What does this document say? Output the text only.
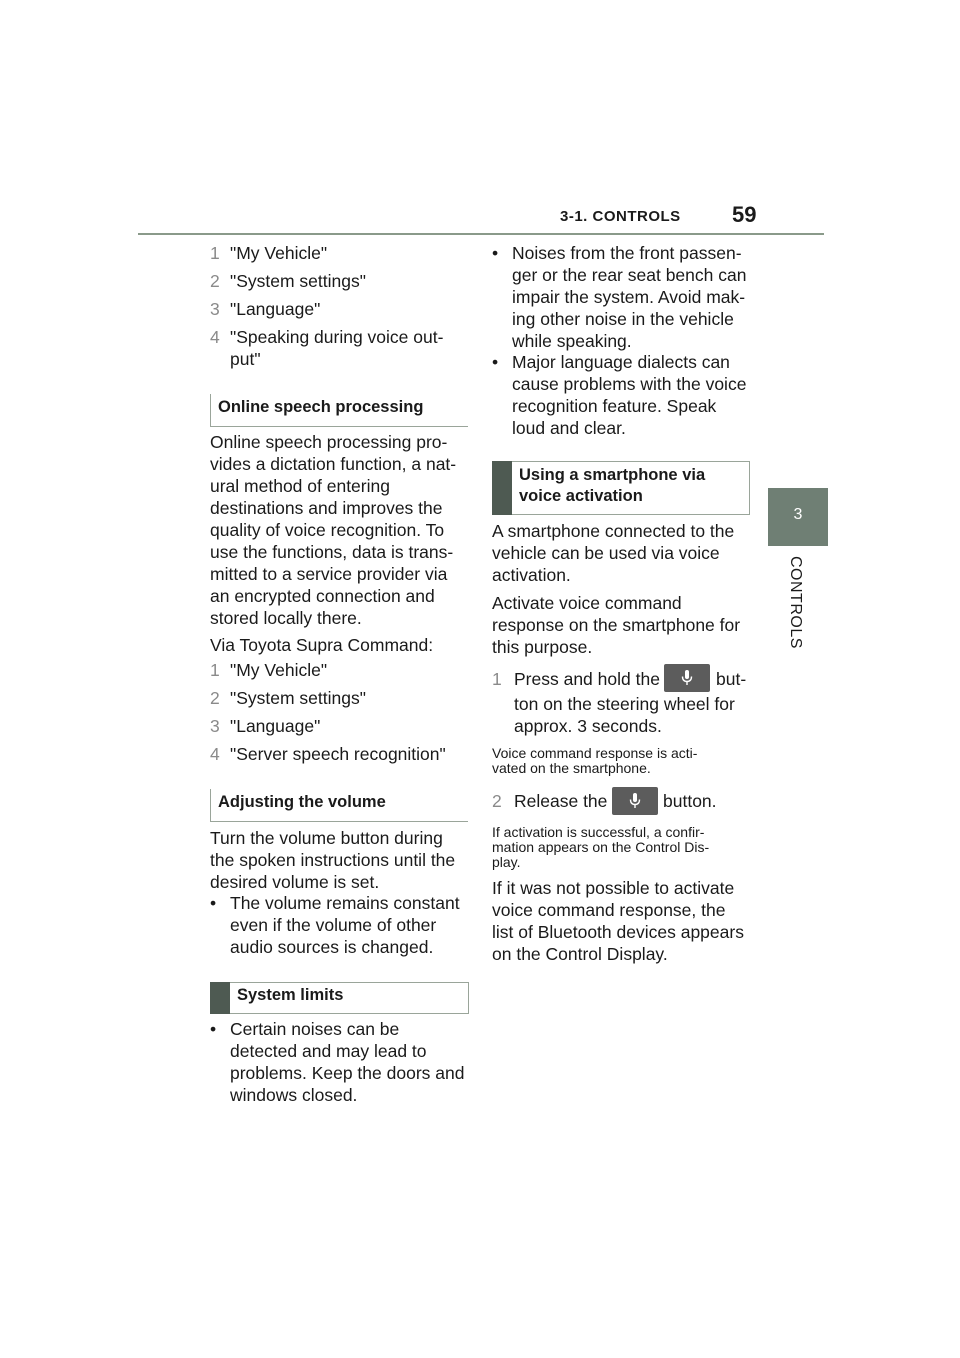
3-1. CONTROLS 59
3
CONTROLS
1 "My Vehicle"
2 "System settings"
3 "Language"
4 "Speaking during voice out-
put"
Online speech processing
Online speech processing pro-
vides a dictation function, a nat-
ural method of entering
destinations and improves the
quality of voice recognition. To
use the functions, data is trans-
mitted to a service provider via
an encrypted connection and
stored locally there.
Via Toyota Supra Command:
1 "My Vehicle"
2 "System settings"
3 "Language"
4 "Server speech recognition"
Adjusting the volume
Turn the volume button during
the spoken instructions until the
desired volume is set.
• The volume remains constant
even if the volume of other
audio sources is changed.
System limits
• Certain noises can be
detected and may lead to
problems. Keep the doors and
windows closed.
• Noises from the front passen-
ger or the rear seat bench can
impair the system. Avoid mak-
ing other noise in the vehicle
while speaking.
• Major language dialects can
cause problems with the voice
recognition feature. Speak
loud and clear.
Using a smartphone via
voice activation
A smartphone connected to the
vehicle can be used via voice
activation.
Activate voice command
response on the smartphone for
this purpose.
1 Press and hold the	but-
ton on the steering wheel for
approx. 3 seconds.
Voice command response is acti-
vated on the smartphone.
2 Release the	button.
If activation is successful, a confir-
mation appears on the Control Dis-
play.
If it was not possible to activate
voice command response, the
list of Bluetooth devices appears
on the Control Display.
